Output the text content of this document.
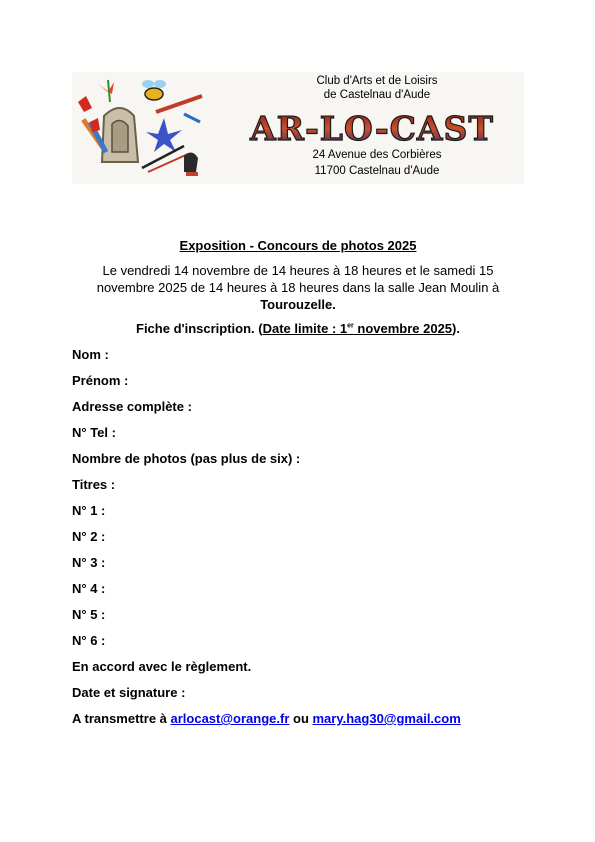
Club d'Arts et de Loisirs
de Castelnau d'Aude
AR-LO-CAST
24 Avenue des Corbières
11700 Castelnau d'Aude
Exposition - Concours de photos 2025
Le vendredi 14 novembre de 14 heures à 18 heures et le samedi 15
novembre 2025 de 14 heures à 18 heures dans la salle Jean Moulin à
Tourouzelle.
Fiche d'inscription. (Date limite : 1er novembre 2025).
Nom :
Prénom :
Adresse complète :
N° Tel :
Nombre de photos (pas plus de six) :
Titres :
N° 1 :
N° 2 :
N° 3 :
N° 4 :
N° 5 :
N° 6 :
En accord avec le règlement.
Date et signature :
A transmettre à arlocast@orange.fr ou mary.hag30@gmail.com
